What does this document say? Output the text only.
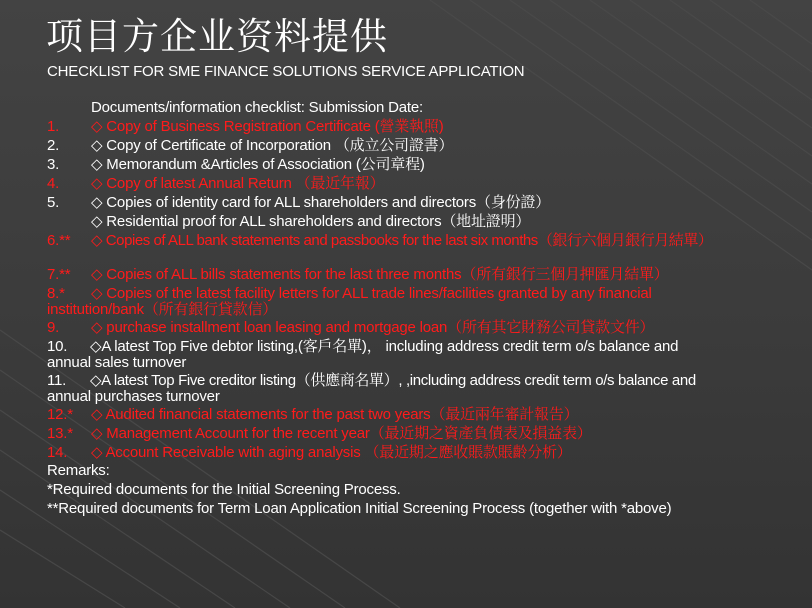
项目方企业资料提供
CHECKLIST FOR SME FINANCE SOLUTIONS SERVICE APPLICATION
Documents/information checklist: Submission Date:
1. ◇ Copy of Business Registration Certificate (營業執照)
2. ◇ Copy of Certificate of Incorporation （成立公司證書）
3. ◇ Memorandum &Articles of Association (公司章程)
4. ◇ Copy of latest Annual Return （最近年報）
5. ◇ Copies of identity card for ALL shareholders and directors（身份證）
◇ Residential proof for ALL shareholders and directors（地址證明）
6.** ◇ Copies of ALL bank statements and passbooks for the last six months（銀行六個月銀行月結單）
7.** ◇ Copies of ALL bills statements for the last three months（所有銀行三個月押匯月結單）
8.* ◇ Copies of the latest facility letters for ALL trade lines/facilities granted by any financial
institution/bank（所有銀行貸款信）
9. ◇ purchase installment loan leasing and mortgage loan（所有其它財務公司貸款文件）
10. ◇A latest Top Five debtor listing,(客戶名單)， including address credit term o/s balance and
annual sales turnover
11. ◇A latest Top Five creditor listing（供應商名單）, ,including address credit term o/s balance and
annual purchases turnover
12.* ◇ Audited financial statements for the past two years（最近兩年審計報告）
13.* ◇ Management Account for the recent year（最近期之資產負債表及損益表）
14. ◇ Account Receivable with aging analysis （最近期之應收賬款賬齡分析）
Remarks:
*Required documents for the Initial Screening Process.
**Required documents for Term Loan Application Initial Screening Process (together with *above)
